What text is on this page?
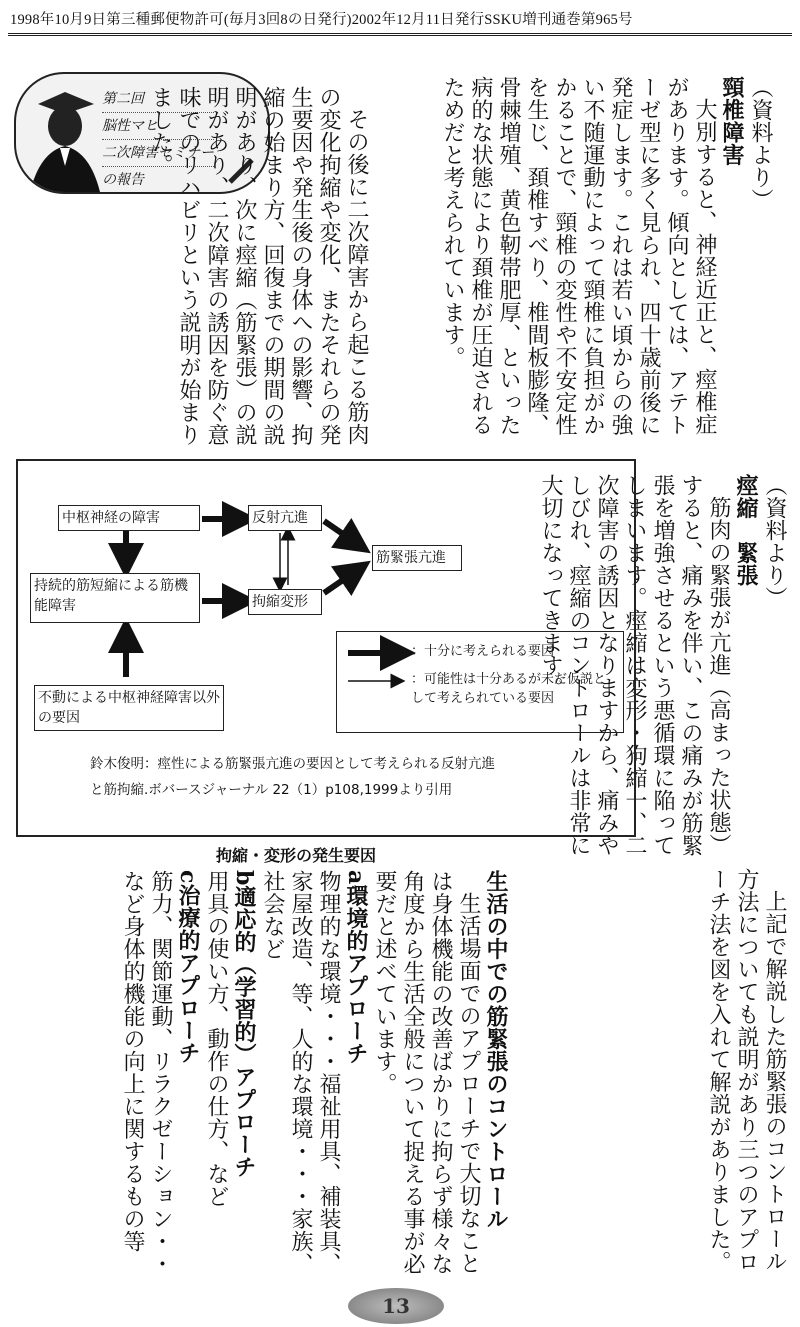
1998年10月9日第三種郵便物許可(毎月3回8の日発行)2002年12月11日発行SSKU増刊通巻第965号
第二回
脳性マヒ
二次障害セミナー
の報告	（資料より）

頸椎障害

大別すると、神経近正と、痙椎症があります。傾向としては、アテトーゼ型に多く見られ、四十歳前後に発症します。これは若い頃からの強い不随運動によって頸椎に負担がかかることで、頸椎の変性や不安定性を生じ、頚椎すべり、椎間板膨隆、骨棘増殖、黄色靭帯肥厚、といった病的な状態により頚椎が圧迫されるためだと考えられています。

その後に二次障害から起こる筋肉の変化拘縮や変化、またそれらの発生要因や発生後の身体への影響、拘縮の始まり方、回復までの期間の説明があり、次に痙縮（筋緊張）の説明があり、二次障害の誘因を防ぐ意味でのリハビリという説明が始まりました。

（資料より）

痙縮　緊張

筋肉の緊張が亢進（高まった状態）すると、痛みを伴い、この痛みが筋緊張を増強させるという悪循環に陥ってしまいます。痙縮は変形・狗縮一、二次障害の誘因となりますから、痛みやしびれ、痙縮のコントロールは非常に大切になってきます。

上記で解説した筋緊張のコントロール方法についても説明があり三つのアプローチ法を図を入れて解説がありました。

生活の中での筋緊張のコントロール

生活場面でのアプローチで大切なことは身体機能の改善ばかりに拘らず様々な角度から生活全般について捉える事が必要だと述べています。

a環境的アプローチ

物理的な環境・・・福祉用具、補装具、家屋改造、等、人的な環境・・・家族、社会など

b適応的（学習的）アプローチ

用具の使い方、動作の仕方、など

c治療的アプローチ

筋力、関節運動、リラクゼーション・・など身体的機能の向上に関するもの等

中枢神経の障害	反射亢進
筋緊張亢進
持続的筋短縮による筋機能障害	拘縮変形
不動による中枢神経障害以外の要因
：十分に考えられる要因
：可能性は十分あるが未だ仮説として考えられている要因
鈴木俊明：痙性による筋緊張亢進の要因として考えられる反射亢進
と筋拘縮.ボバースジャーナル 22（1）p108,1999より引用
拘縮・変形の発生要因
13
